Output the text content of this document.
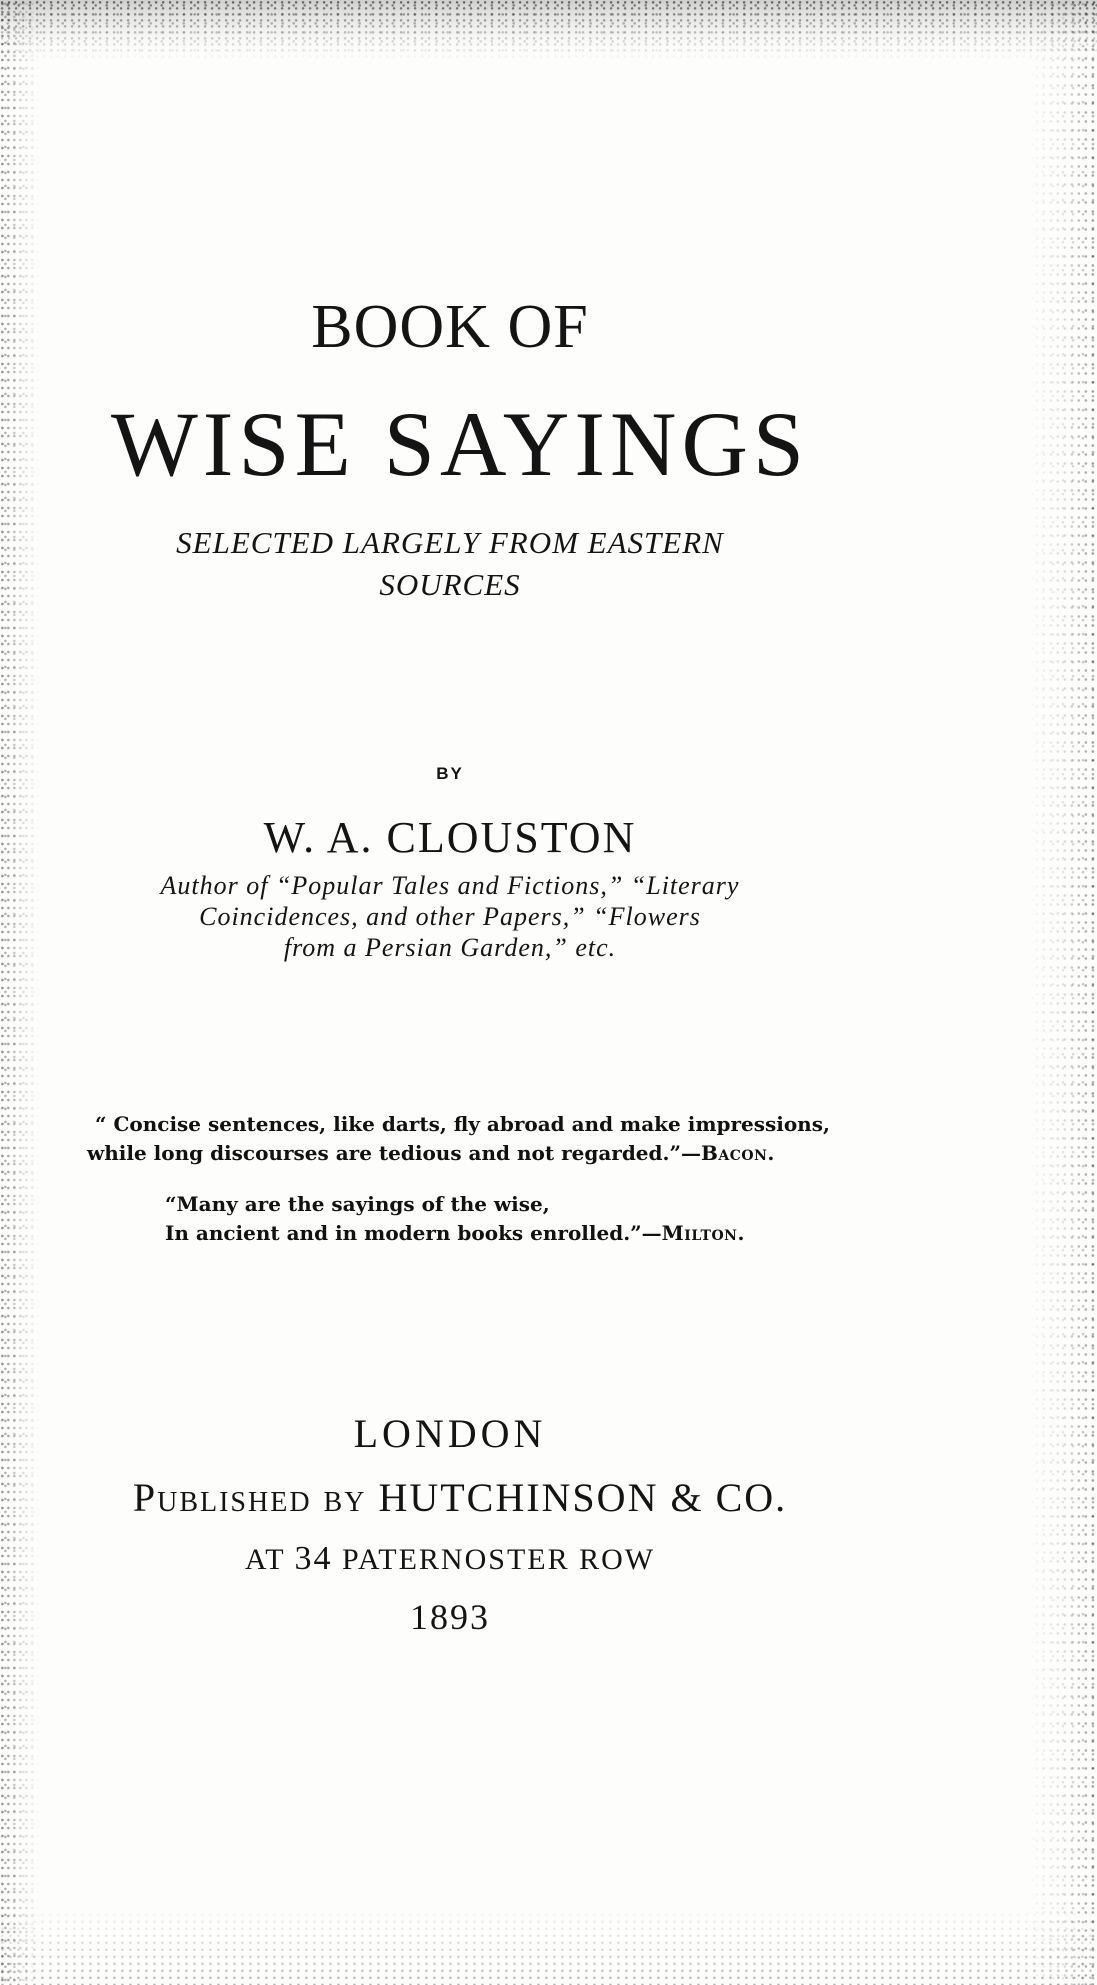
BOOK OF
WISE SAYINGS
SELECTED LARGELY FROM EASTERN
SOURCES
BY
W. A. CLOUSTON
Author of “Popular Tales and Fictions,” “Literary
Coincidences, and other Papers,” “Flowers
from a Persian Garden,” etc.
“ Concise sentences, like darts, fly abroad and make impressions,
while long discourses are tedious and not regarded.”—Bacon.
“Many are the sayings of the wise,
In ancient and in modern books enrolled.”—Milton.
LONDON
Published by HUTCHINSON & CO.
AT 34 PATERNOSTER ROW
1893
